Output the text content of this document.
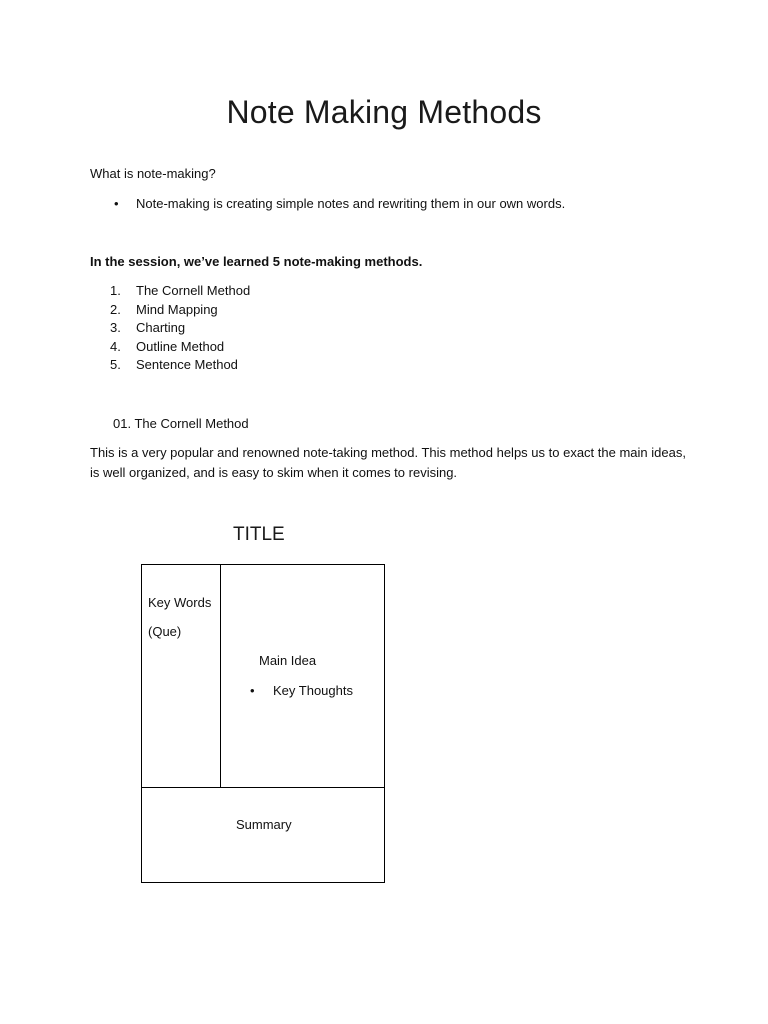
Note Making Methods
What is note-making?
• Note-making is creating simple notes and rewriting them in our own words.
In the session, we’ve learned 5 note-making methods.
1. The Cornell Method
2. Mind Mapping
3. Charting
4. Outline Method
5. Sentence Method
01. The Cornell Method
This is a very popular and renowned note-taking method. This method helps us to exact the main ideas, is well organized, and is easy to skim when it comes to revising.
TITLE
Key Words
(Que)
Main Idea
• Key Thoughts
Summary
